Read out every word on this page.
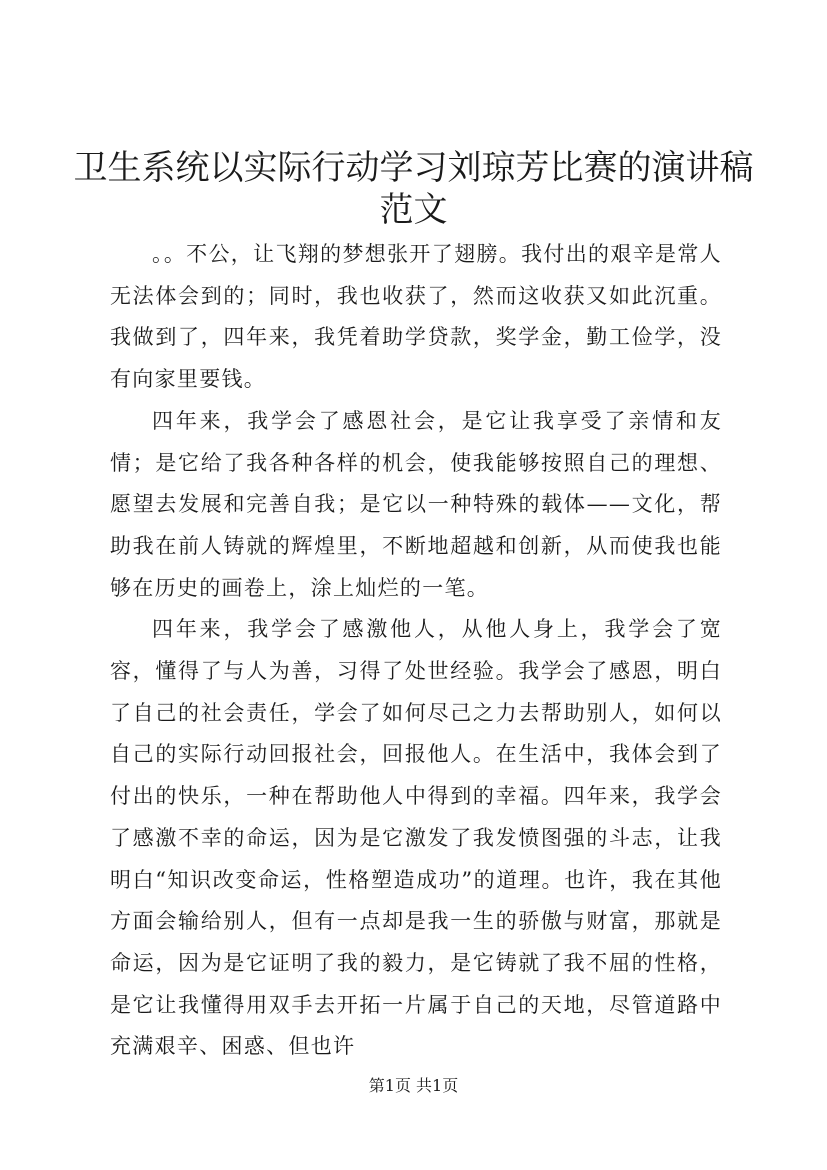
卫生系统以实际行动学习刘琼芳比赛的演讲稿
范文

。。不公，让飞翔的梦想张开了翅膀。我付出的艰辛是常人无法体会到的；同时，我也收获了，然而这收获又如此沉重。我做到了，四年来，我凭着助学贷款，奖学金，勤工俭学，没有向家里要钱。

四年来，我学会了感恩社会，是它让我享受了亲情和友情；是它给了我各种各样的机会，使我能够按照自己的理想、愿望去发展和完善自我；是它以一种特殊的载体——文化，帮助我在前人铸就的辉煌里，不断地超越和创新，从而使我也能够在历史的画卷上，涂上灿烂的一笔。

四年来，我学会了感激他人，从他人身上，我学会了宽容，懂得了与人为善，习得了处世经验。我学会了感恩，明白了自己的社会责任，学会了如何尽己之力去帮助别人，如何以自己的实际行动回报社会，回报他人。在生活中，我体会到了付出的快乐，一种在帮助他人中得到的幸福。四年来，我学会了感激不幸的命运，因为是它激发了我发愤图强的斗志，让我明白“知识改变命运，性格塑造成功”的道理。也许，我在其他方面会输给别人，但有一点却是我一生的骄傲与财富，那就是命运，因为是它证明了我的毅力，是它铸就了我不屈的性格，是它让我懂得用双手去开拓一片属于自己的天地，尽管道路中充满艰辛、困惑、但也许

第1页 共1页
